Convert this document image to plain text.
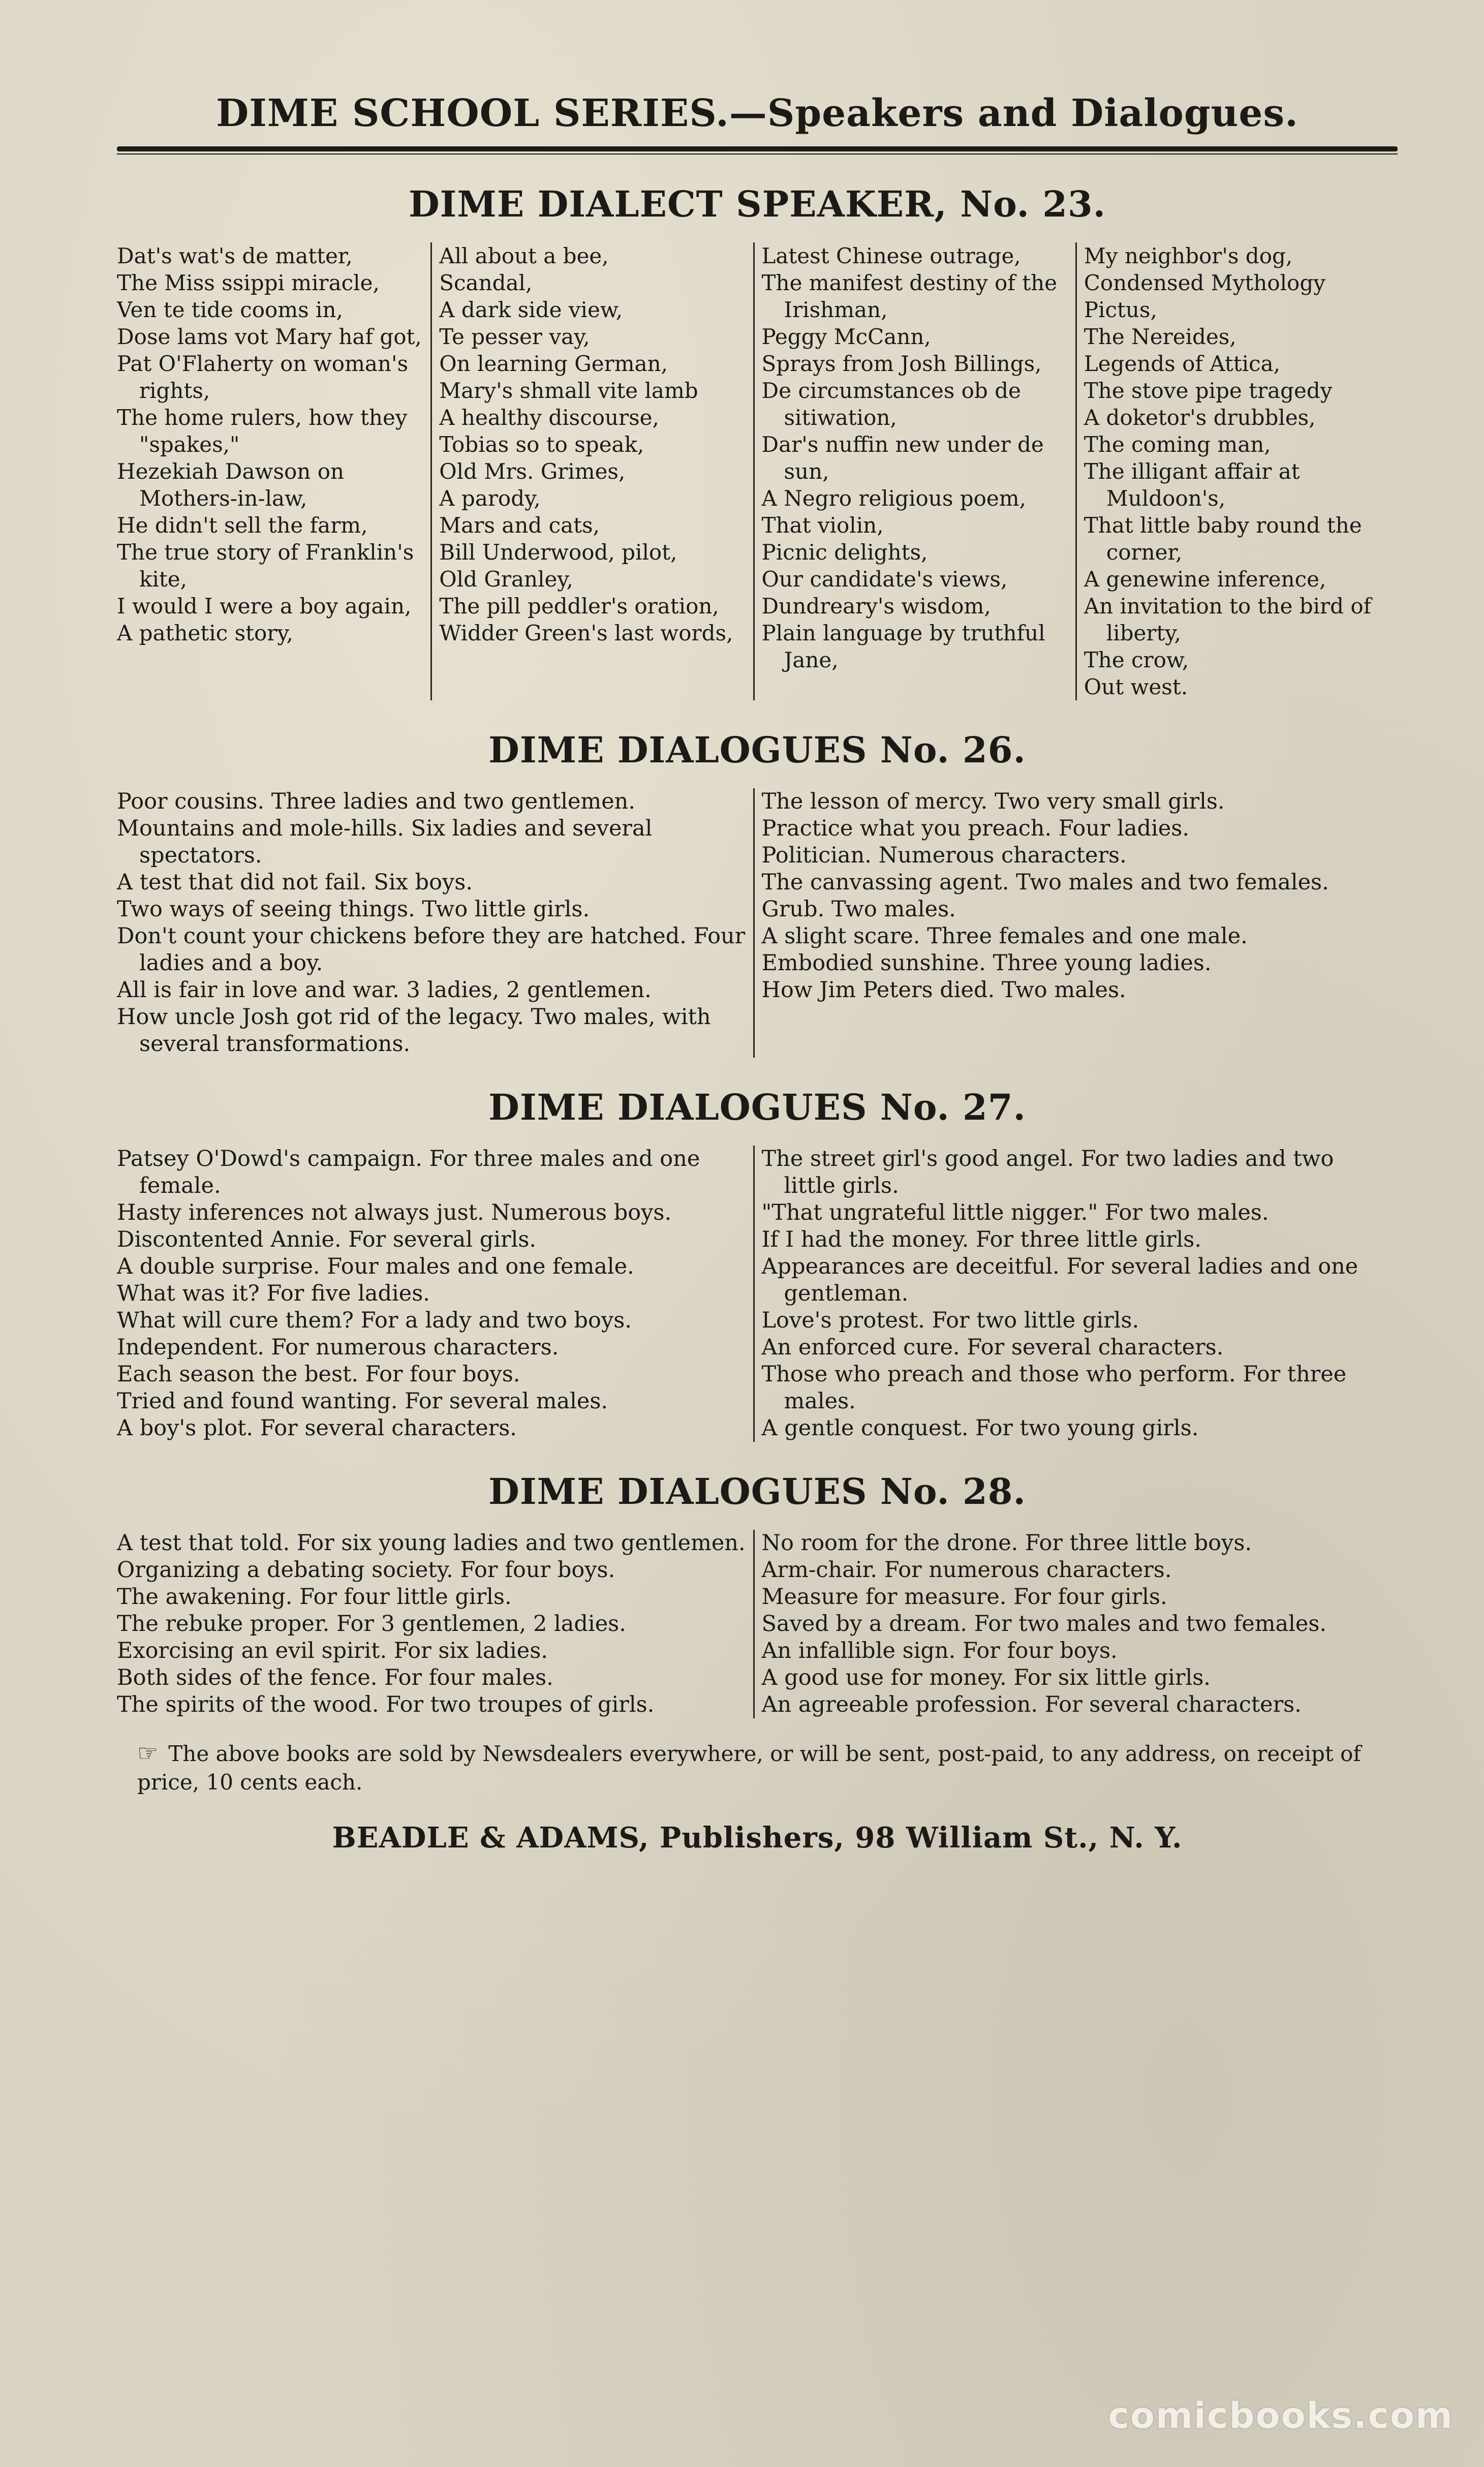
DIME SCHOOL SERIES.—Speakers and Dialogues.
DIME DIALECT SPEAKER, No. 23.

Dat's wat's de matter,

The Miss ssippi miracle,

Ven te tide cooms in,

Dose lams vot Mary haf got,

Pat O'Flaherty on woman's rights,

The home rulers, how they "spakes,"

Hezekiah Dawson on Mothers-in-law,

He didn't sell the farm,

The true story of Franklin's kite,

I would I were a boy again,

A pathetic story,

All about a bee,

Scandal,

A dark side view,

Te pesser vay,

On learning German,

Mary's shmall vite lamb

A healthy discourse,

Tobias so to speak,

Old Mrs. Grimes,

A parody,

Mars and cats,

Bill Underwood, pilot,

Old Granley,

The pill peddler's oration,

Widder Green's last words,

Latest Chinese outrage,

The manifest destiny of the Irishman,

Peggy McCann,

Sprays from Josh Billings,

De circumstances ob de sitiwation,

Dar's nuffin new under de sun,

A Negro religious poem,

That violin,

Picnic delights,

Our candidate's views,

Dundreary's wisdom,

Plain language by truthful Jane,

My neighbor's dog,

Condensed Mythology

Pictus,

The Nereides,

Legends of Attica,

The stove pipe tragedy

A doketor's drubbles,

The coming man,

The illigant affair at Muldoon's,

That little baby round the corner,

A genewine inference,

An invitation to the bird of liberty,

The crow,

Out west.

DIME DIALOGUES No. 26.

Poor cousins. Three ladies and two gentlemen.

Mountains and mole-hills. Six ladies and several spectators.

A test that did not fail. Six boys.

Two ways of seeing things. Two little girls.

Don't count your chickens before they are hatched. Four ladies and a boy.

All is fair in love and war. 3 ladies, 2 gentlemen.

How uncle Josh got rid of the legacy. Two males, with several transformations.

The lesson of mercy. Two very small girls.

Practice what you preach. Four ladies.

Politician. Numerous characters.

The canvassing agent. Two males and two females.

Grub. Two males.

A slight scare. Three females and one male.

Embodied sunshine. Three young ladies.

How Jim Peters died. Two males.

DIME DIALOGUES No. 27.

Patsey O'Dowd's campaign. For three males and one female.

Hasty inferences not always just. Numerous boys.

Discontented Annie. For several girls.

A double surprise. Four males and one female.

What was it? For five ladies.

What will cure them? For a lady and two boys.

Independent. For numerous characters.

Each season the best. For four boys.

Tried and found wanting. For several males.

A boy's plot. For several characters.

The street girl's good angel. For two ladies and two little girls.

"That ungrateful little nigger." For two males.

If I had the money. For three little girls.

Appearances are deceitful. For several ladies and one gentleman.

Love's protest. For two little girls.

An enforced cure. For several characters.

Those who preach and those who perform. For three males.

A gentle conquest. For two young girls.

DIME DIALOGUES No. 28.

A test that told. For six young ladies and two gentlemen.

Organizing a debating society. For four boys.

The awakening. For four little girls.

The rebuke proper. For 3 gentlemen, 2 ladies.

Exorcising an evil spirit. For six ladies.

Both sides of the fence. For four males.

The spirits of the wood. For two troupes of girls.

No room for the drone. For three little boys.

Arm-chair. For numerous characters.

Measure for measure. For four girls.

Saved by a dream. For two males and two females.

An infallible sign. For four boys.

A good use for money. For six little girls.

An agreeable profession. For several characters.

☞ The above books are sold by Newsdealers everywhere, or will be sent, post-paid, to any address, on receipt of price, 10 cents each.
BEADLE & ADAMS, Publishers, 98 William St., N. Y.
comicbooks.com
